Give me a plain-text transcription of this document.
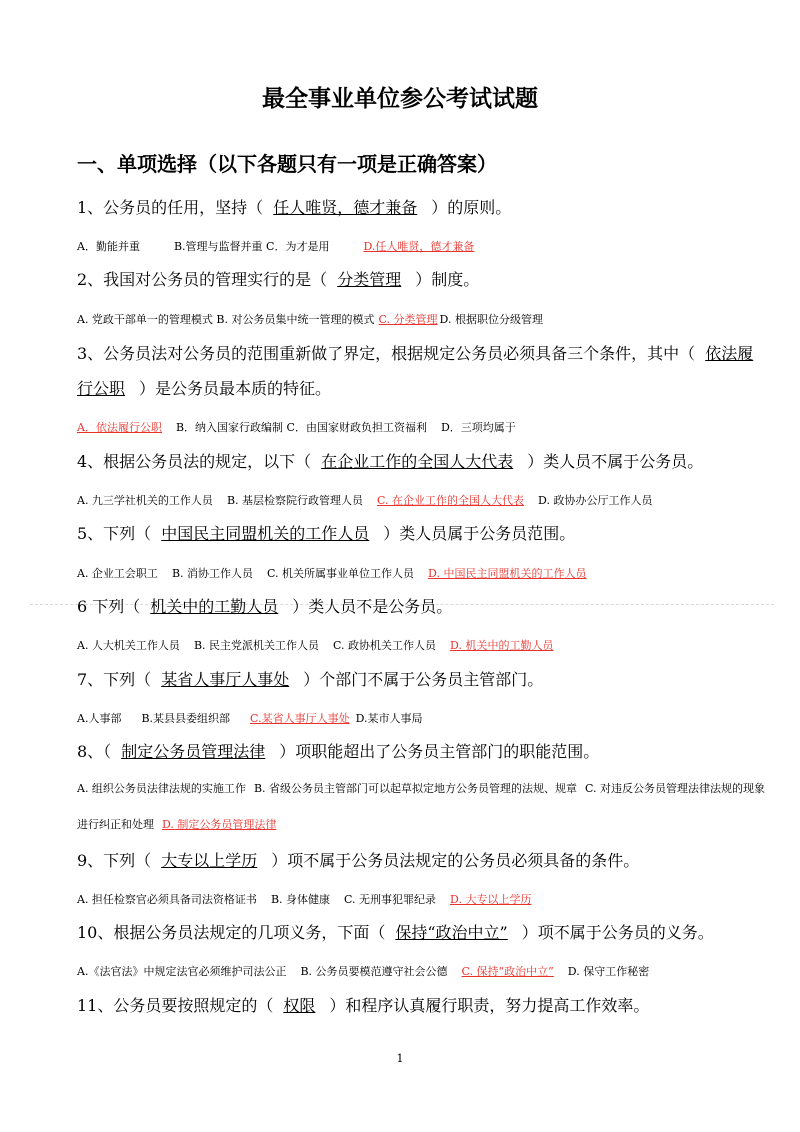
最全事业单位参公考试试题
一、单项选择（以下各题只有一项是正确答案）
1、公务员的任用，坚持（ 任人唯贤，德才兼备 ）的原则。
A．勤能并重	B.管理与监督并重 C．为才是用	D.任人唯贤，德才兼备
2、我国对公务员的管理实行的是（ 分类管理 ）制度。
A. 党政干部单一的管理模式 B. 对公务员集中统一管理的模式 C. 分类管理 D. 根据职位分级管理
3、公务员法对公务员的范围重新做了界定，根据规定公务员必须具备三个条件，其中（ 依法履行公职 ）是公务员最本质的特征。
A．依法履行公职 B．纳入国家行政编制 C．由国家财政负担工资福利 D．三项均属于
4、根据公务员法的规定，以下（ 在企业工作的全国人大代表 ）类人员不属于公务员。
A. 九三学社机关的工作人员 B. 基层检察院行政管理人员 C. 在企业工作的全国人大代表 D. 政协办公厅工作人员
5、下列（ 中国民主同盟机关的工作人员 ）类人员属于公务员范围。
A. 企业工会职工 B. 消协工作人员 C. 机关所属事业单位工作人员 D. 中国民主同盟机关的工作人员
6 下列（ 机关中的工勤人员 ）类人员不是公务员。
A. 人大机关工作人员 B. 民主党派机关工作人员 C. 政协机关工作人员 D. 机关中的工勤人员
7、下列（ 某省人事厅人事处 ）个部门不属于公务员主管部门。
A.人事部 B.某县县委组织部 C.某省人事厅人事处 D.某市人事局
8、（ 制定公务员管理法律 ）项职能超出了公务员主管部门的职能范围。
A. 组织公务员法律法规的实施工作 B. 省级公务员主管部门可以起草拟定地方公务员管理的法规、规章 C. 对违反公务员管理法律法规的现象进行纠正和处理 D. 制定公务员管理法律
9、下列（ 大专以上学历 ）项不属于公务员法规定的公务员必须具备的条件。
A. 担任检察官必须具备司法资格证书 B. 身体健康 C. 无刑事犯罪纪录 D. 大专以上学历
10、根据公务员法规定的几项义务，下面（ 保持“政治中立” ）项不属于公务员的义务。
A.《法官法》中规定法官必须维护司法公正 B. 公务员要模范遵守社会公德 C. 保持“政治中立” D. 保守工作秘密
11、公务员要按照规定的（ 权限 ）和程序认真履行职责，努力提高工作效率。
1
